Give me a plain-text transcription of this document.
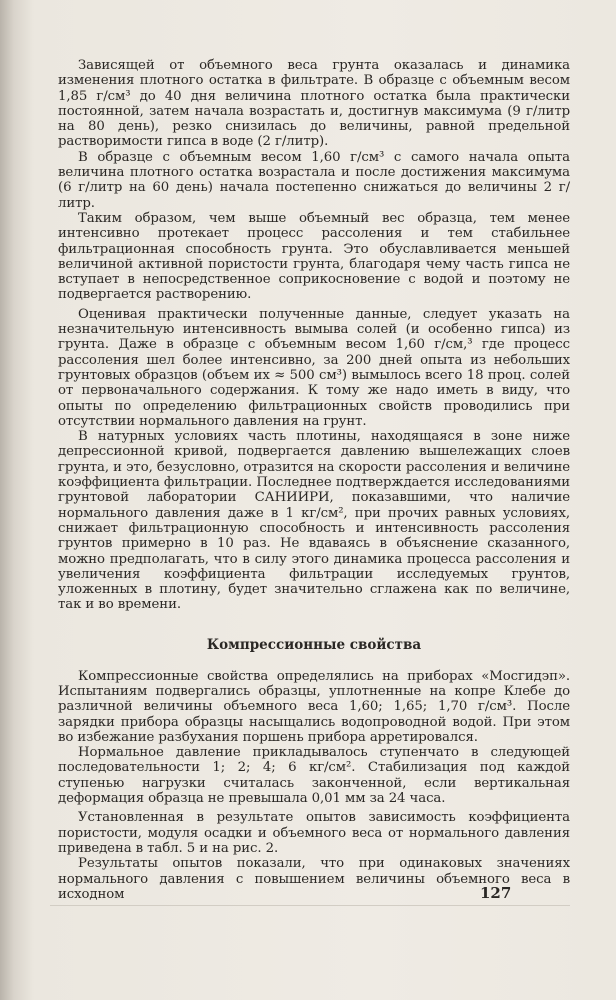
Зависящей от объемного веса грунта оказалась и динамика изменения плотного остатка в фильтрате. В образце с объемным весом 1,85 г/см³ до 40 дня величина плотного остатка была практически постоянной, затем начала возрастать и, достигнув максимума (9 г/литр на 80 день), резко снизилась до величины, равной предельной растворимости гипса в воде (2 г/литр).

В образце с объемным весом 1,60 г/см³ с самого начала опыта величина плотного остатка возрастала и после достижения максимума (6 г/литр на 60 день) начала постепенно снижаться до величины 2 г/литр.

Таким образом, чем выше объемный вес образца, тем менее интенсивно протекает процесс рассоления и тем стабильнее фильтрационная способность грунта. Это обуславливается меньшей величиной активной пористости грунта, благодаря чему часть гипса не вступает в непосредственное соприкосновение с водой и поэтому не подвергается растворению.

Оценивая практически полученные данные, следует указать на незначительную интенсивность вымыва солей (и особенно гипса) из грунта. Даже в образце с объемным весом 1,60 г/см,³ где процесс рассоления шел более интенсивно, за 200 дней опыта из небольших грунтовых образцов (объем их ≈ 500 см³) вымылось всего 18 проц. солей от первоначального содержания. К тому же надо иметь в виду, что опыты по определению фильтрационных свойств проводились при отсутствии нормального давления на грунт.

В натурных условиях часть плотины, находящаяся в зоне ниже депрессионной кривой, подвергается давлению вышележащих слоев грунта, и это, безусловно, отразится на скорости рассоления и величине коэффициента фильтрации. Последнее подтверждается исследованиями грунтовой лаборатории САНИИРИ, показавшими, что наличие нормального давления даже в 1 кг/см², при прочих равных условиях, снижает фильтрационную способность и интенсивность рассоления грунтов примерно в 10 раз. Не вдаваясь в объяснение сказанного, можно предполагать, что в силу этого динамика процесса рассоления и увеличения коэффициента фильтрации исследуемых грунтов, уложенных в плотину, будет значительно сглажена как по величине, так и во времени.

Компрессионные свойства

Компрессионные свойства определялись на приборах «Мосгидэп». Испытаниям подвергались образцы, уплотненные на копре Клебе до различной величины объемного веса 1,60; 1,65; 1,70 г/см³. После зарядки прибора образцы насыщались водопроводной водой. При этом во избежание разбухания поршень прибора арретировался.

Нормальное давление прикладывалось ступенчато в следующей последовательности 1; 2; 4; 6 кг/см². Стабилизация под каждой ступенью нагрузки считалась законченной, если вертикальная деформация образца не превышала 0,01 мм за 24 часа.

Установленная в результате опытов зависимость коэффициента пористости, модуля осадки и объемного веса от нормального давления приведена в табл. 5 и на рис. 2.

Результаты опытов показали, что при одинаковых значениях нормального давления с повышением величины объемного веса в исходном	127
